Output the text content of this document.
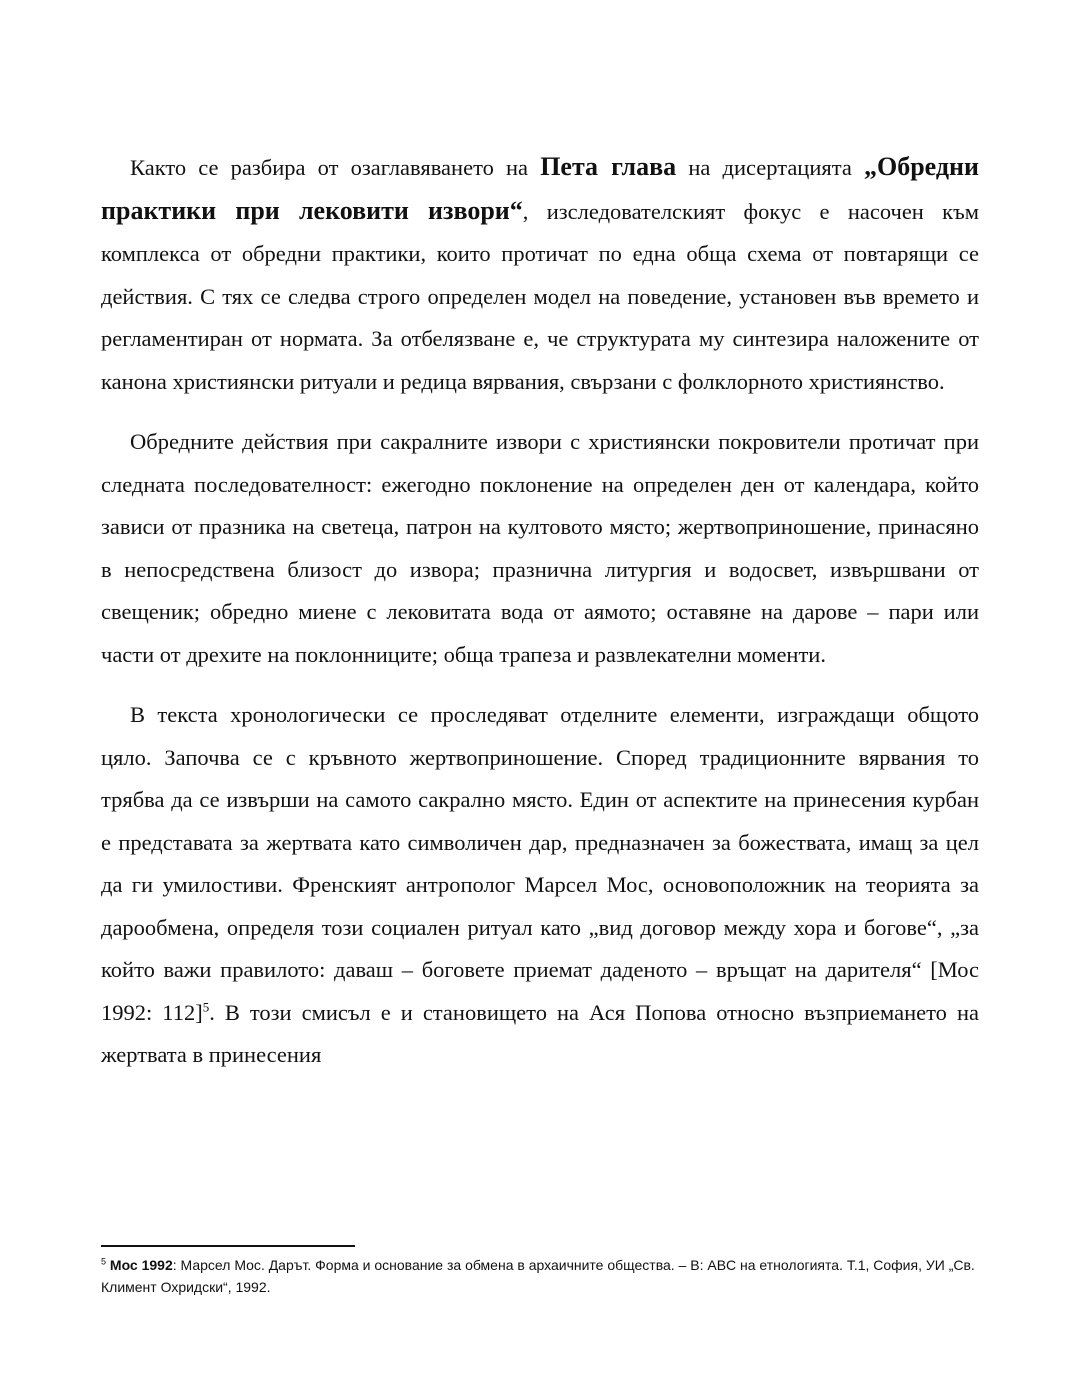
Както се разбира от озаглавяването на Пета глава на дисертацията „Обредни практики при лековити извори“, изследователският фокус е насочен към комплекса от обредни практики, които протичат по една обща схема от повтарящи се действия. С тях се следва строго определен модел на поведение, установен във времето и регламентиран от нормата. За отбелязване е, че структурата му синтезира наложените от канона християнски ритуали и редица вярвания, свързани с фолклорното християнство.

Обредните действия при сакралните извори с християнски покровители протичат при следната последователност: ежегодно поклонение на определен ден от календара, който зависи от празника на светеца, патрон на култовото място; жертвоприношение, принасяно в непосредствена близост до извора; празнична литургия и водосвет, извършвани от свещеник; обредно миене с лековитата вода от аямото; оставяне на дарове – пари или части от дрехите на поклонниците; обща трапеза и развлекателни моменти.

В текста хронологически се проследяват отделните елементи, изграждащи общото цяло. Започва се с кръвното жертвоприношение. Според традиционните вярвания то трябва да се извърши на самото сакрално място. Един от аспектите на принесения курбан е представата за жертвата като символичен дар, предназначен за божествата, имащ за цел да ги умилостиви. Френският антрополог Марсел Мос, основоположник на теорията за дарообмена, определя този социален ритуал като „вид договор между хора и богове“, „за който важи правилото: даваш – боговете приемат даденото – връщат на дарителя“ [Мос 1992: 112]$^5$. В този смисъл е и становището на Ася Попова относно възприемането на жертвата в принесения

$^5$ Мос 1992: Марсел Мос. Дарът. Форма и основание за обмена в архаичните общества. – В: ABC на етнологията. Т.1, София, УИ „Св. Климент Охридски“, 1992.
